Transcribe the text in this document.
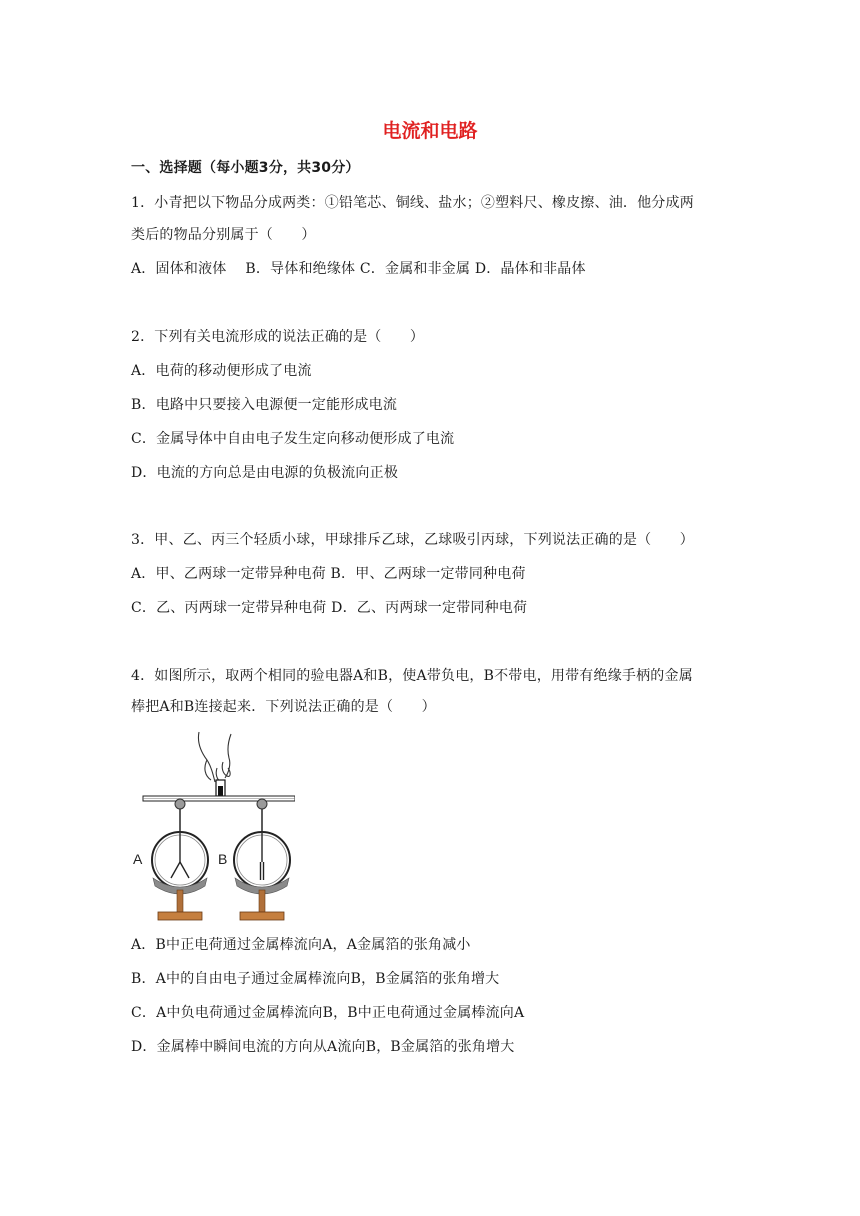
电流和电路
一、选择题（每小题3分，共30分）
1．小青把以下物品分成两类：①铅笔芯、铜线、盐水；②塑料尺、橡皮擦、油．他分成两
类后的物品分别属于（　　）
A．固体和液体　 B．导体和绝缘体 C．金属和非金属 D．晶体和非晶体
2．下列有关电流形成的说法正确的是（　　）
A．电荷的移动便形成了电流
B．电路中只要接入电源便一定能形成电流
C．金属导体中自由电子发生定向移动便形成了电流
D．电流的方向总是由电源的负极流向正极
3．甲、乙、丙三个轻质小球，甲球排斥乙球，乙球吸引丙球，下列说法正确的是（　　）
A．甲、乙两球一定带异种电荷 B．甲、乙两球一定带同种电荷
C．乙、丙两球一定带异种电荷 D．乙、丙两球一定带同种电荷
4．如图所示，取两个相同的验电器A和B，使A带负电，B不带电，用带有绝缘手柄的金属
棒把A和B连接起来．下列说法正确的是（　　）
A	B
A．B中正电荷通过金属棒流向A，A金属箔的张角减小
B．A中的自由电子通过金属棒流向B，B金属箔的张角增大
C．A中负电荷通过金属棒流向B，B中正电荷通过金属棒流向A
D．金属棒中瞬间电流的方向从A流向B，B金属箔的张角增大
